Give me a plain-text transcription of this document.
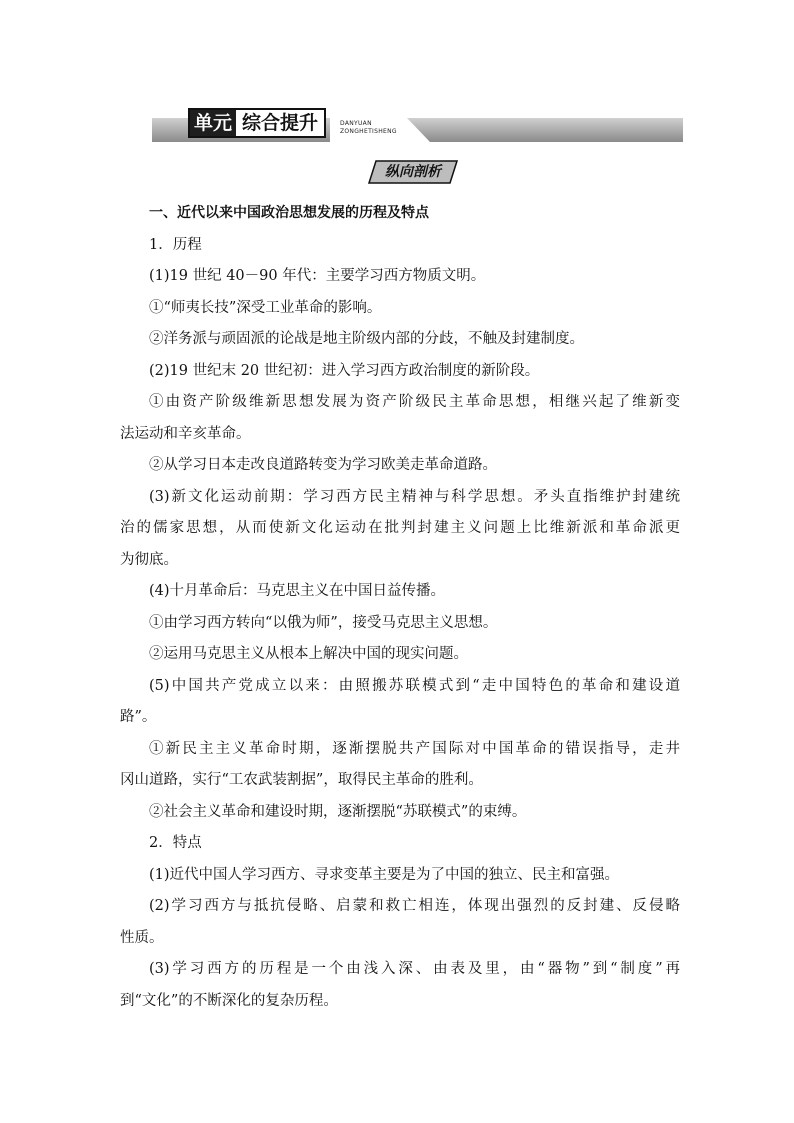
单元 综合提升	DANYUAN
ZONGHETISHENG
纵向剖析
一、近代以来中国政治思想发展的历程及特点
1．历程
(1)19 世纪 40－90 年代：主要学习西方物质文明。
①“师夷长技”深受工业革命的影响。
②洋务派与顽固派的论战是地主阶级内部的分歧，不触及封建制度。
(2)19 世纪末 20 世纪初：进入学习西方政治制度的新阶段。
①由资产阶级维新思想发展为资产阶级民主革命思想，相继兴起了维新变
法运动和辛亥革命。
②从学习日本走改良道路转变为学习欧美走革命道路。
(3)新文化运动前期：学习西方民主精神与科学思想。矛头直指维护封建统
治的儒家思想，从而使新文化运动在批判封建主义问题上比维新派和革命派更
为彻底。
(4)十月革命后：马克思主义在中国日益传播。
①由学习西方转向“以俄为师”，接受马克思主义思想。
②运用马克思主义从根本上解决中国的现实问题。
(5)中国共产党成立以来：由照搬苏联模式到“走中国特色的革命和建设道
路”。
①新民主主义革命时期，逐渐摆脱共产国际对中国革命的错误指导，走井
冈山道路，实行“工农武装割据”，取得民主革命的胜利。
②社会主义革命和建设时期，逐渐摆脱“苏联模式”的束缚。
2．特点
(1)近代中国人学习西方、寻求变革主要是为了中国的独立、民主和富强。
(2)学习西方与抵抗侵略、启蒙和救亡相连，体现出强烈的反封建、反侵略
性质。
(3)学习西方的历程是一个由浅入深、由表及里，由“器物”到“制度”再
到“文化”的不断深化的复杂历程。
